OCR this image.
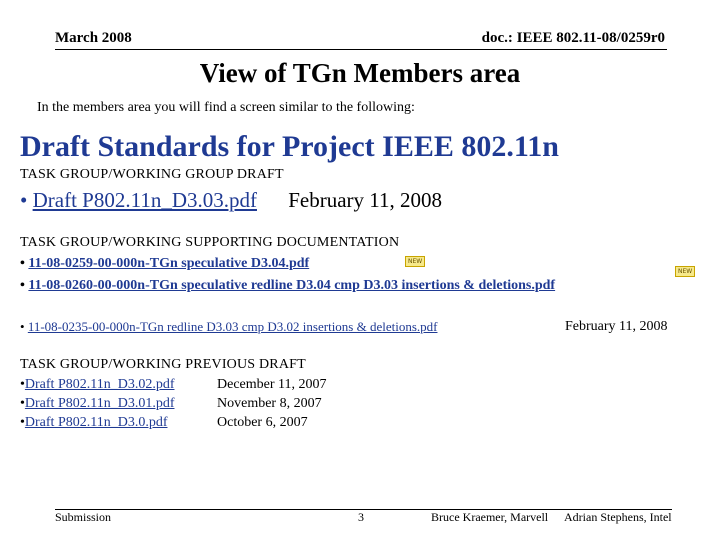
March 2008	doc.: IEEE 802.11-08/0259r0
View of TGn Members area
In the members area you will find a screen similar to the following:
Draft Standards for Project IEEE 802.11n
TASK GROUP/WORKING GROUP DRAFT
• Draft P802.11n_D3.03.pdf February 11, 2008
TASK GROUP/WORKING SUPPORTING DOCUMENTATION
• 11-08-0259-00-000n-TGn speculative D3.04.pdf	NEW
NEW
• 11-08-0260-00-000n-TGn speculative redline D3.04 cmp D3.03 insertions & deletions.pdf
• 11-08-0235-00-000n-TGn redline D3.03 cmp D3.02 insertions & deletions.pdf	February 11, 2008
TASK GROUP/WORKING PREVIOUS DRAFT
•Draft P802.11n_D3.02.pdf	December 11, 2007
•Draft P802.11n_D3.01.pdf	November 8, 2007
•Draft P802.11n_D3.0.pdf	October 6, 2007
Submission	3	Bruce Kraemer, Marvell Adrian Stephens, Intel
